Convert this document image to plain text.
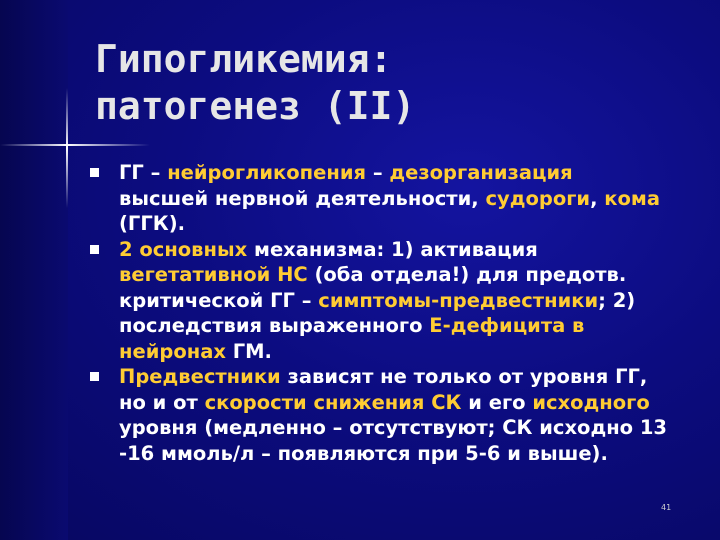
Гипогликемия:
патогенез (II)
ГГ – нейрогликопения – дезорганизация
высшей нервной деятельности, судороги, кома
(ГГК).
2 основных механизма: 1) активация
вегетативной НС (оба отдела!) для предотв.
критической ГГ – симптомы-предвестники; 2)
последствия выраженного Е-дефицита в
нейронах ГМ.
Предвестники зависят не только от уровня ГГ,
но и от скорости снижения СК и его исходного
уровня (медленно – отсутствуют; СК исходно 13
-16 ммоль/л – появляются при 5-6 и выше).
41
